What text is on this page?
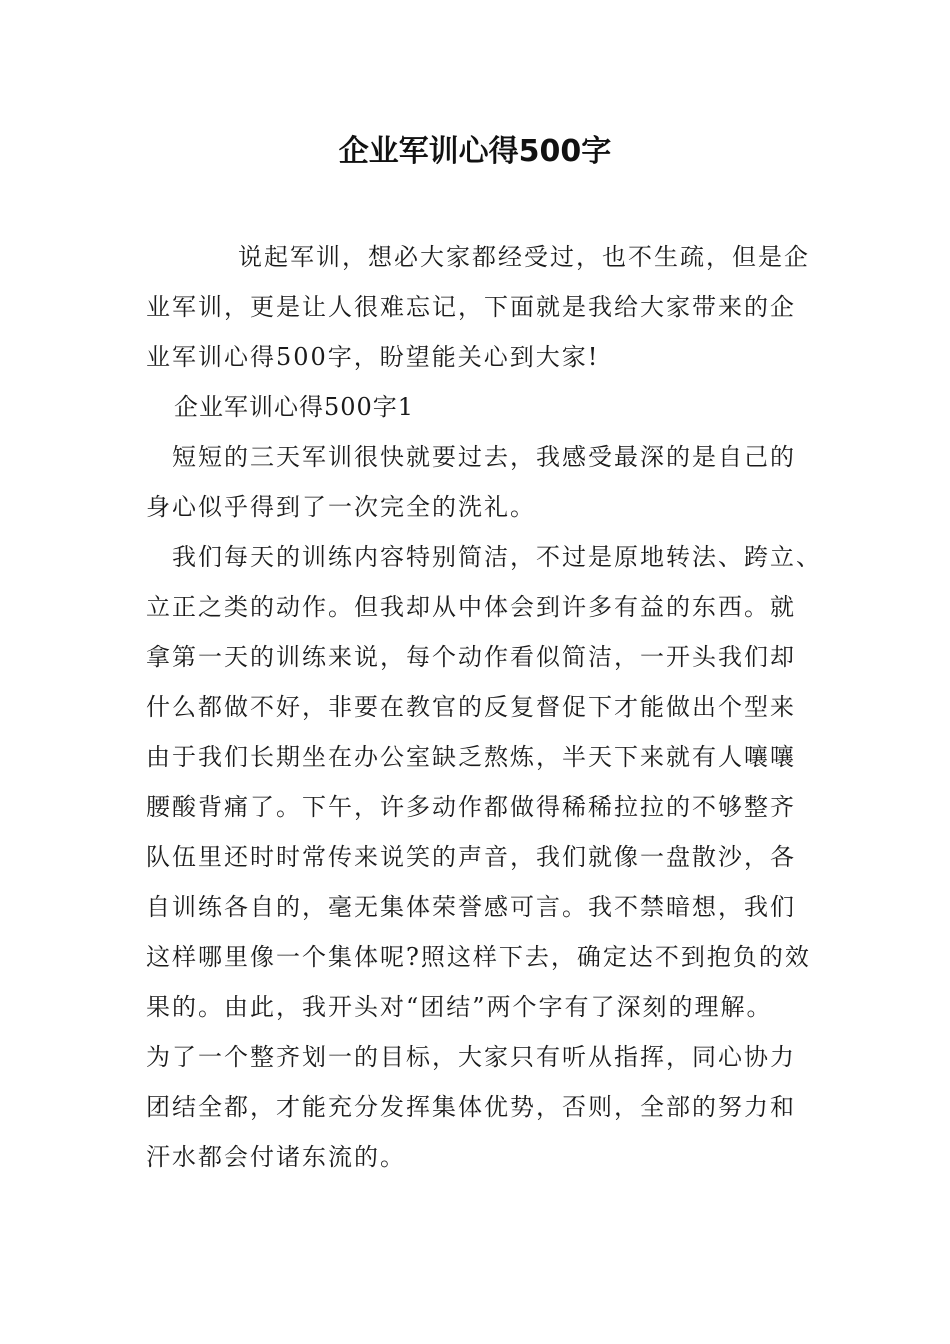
企业军训心得500字
说起军训，想必大家都经受过，也不生疏，但是企
业军训，更是让人很难忘记，下面就是我给大家带来的企
业军训心得500字，盼望能关心到大家!
企业军训心得500字1
短短的三天军训很快就要过去，我感受最深的是自己的
身心似乎得到了一次完全的洗礼。
我们每天的训练内容特别简洁，不过是原地转法、跨立、
立正之类的动作。但我却从中体会到许多有益的东西。就
拿第一天的训练来说，每个动作看似简洁，一开头我们却
什么都做不好，非要在教官的反复督促下才能做出个型来
由于我们长期坐在办公室缺乏熬炼，半天下来就有人嚷嚷
腰酸背痛了。下午，许多动作都做得稀稀拉拉的不够整齐
队伍里还时时常传来说笑的声音，我们就像一盘散沙，各
自训练各自的，毫无集体荣誉感可言。我不禁暗想，我们
这样哪里像一个集体呢?照这样下去，确定达不到抱负的效
果的。由此，我开头对“团结”两个字有了深刻的理解。
为了一个整齐划一的目标，大家只有听从指挥，同心协力
团结全都，才能充分发挥集体优势，否则，全部的努力和
汗水都会付诸东流的。
